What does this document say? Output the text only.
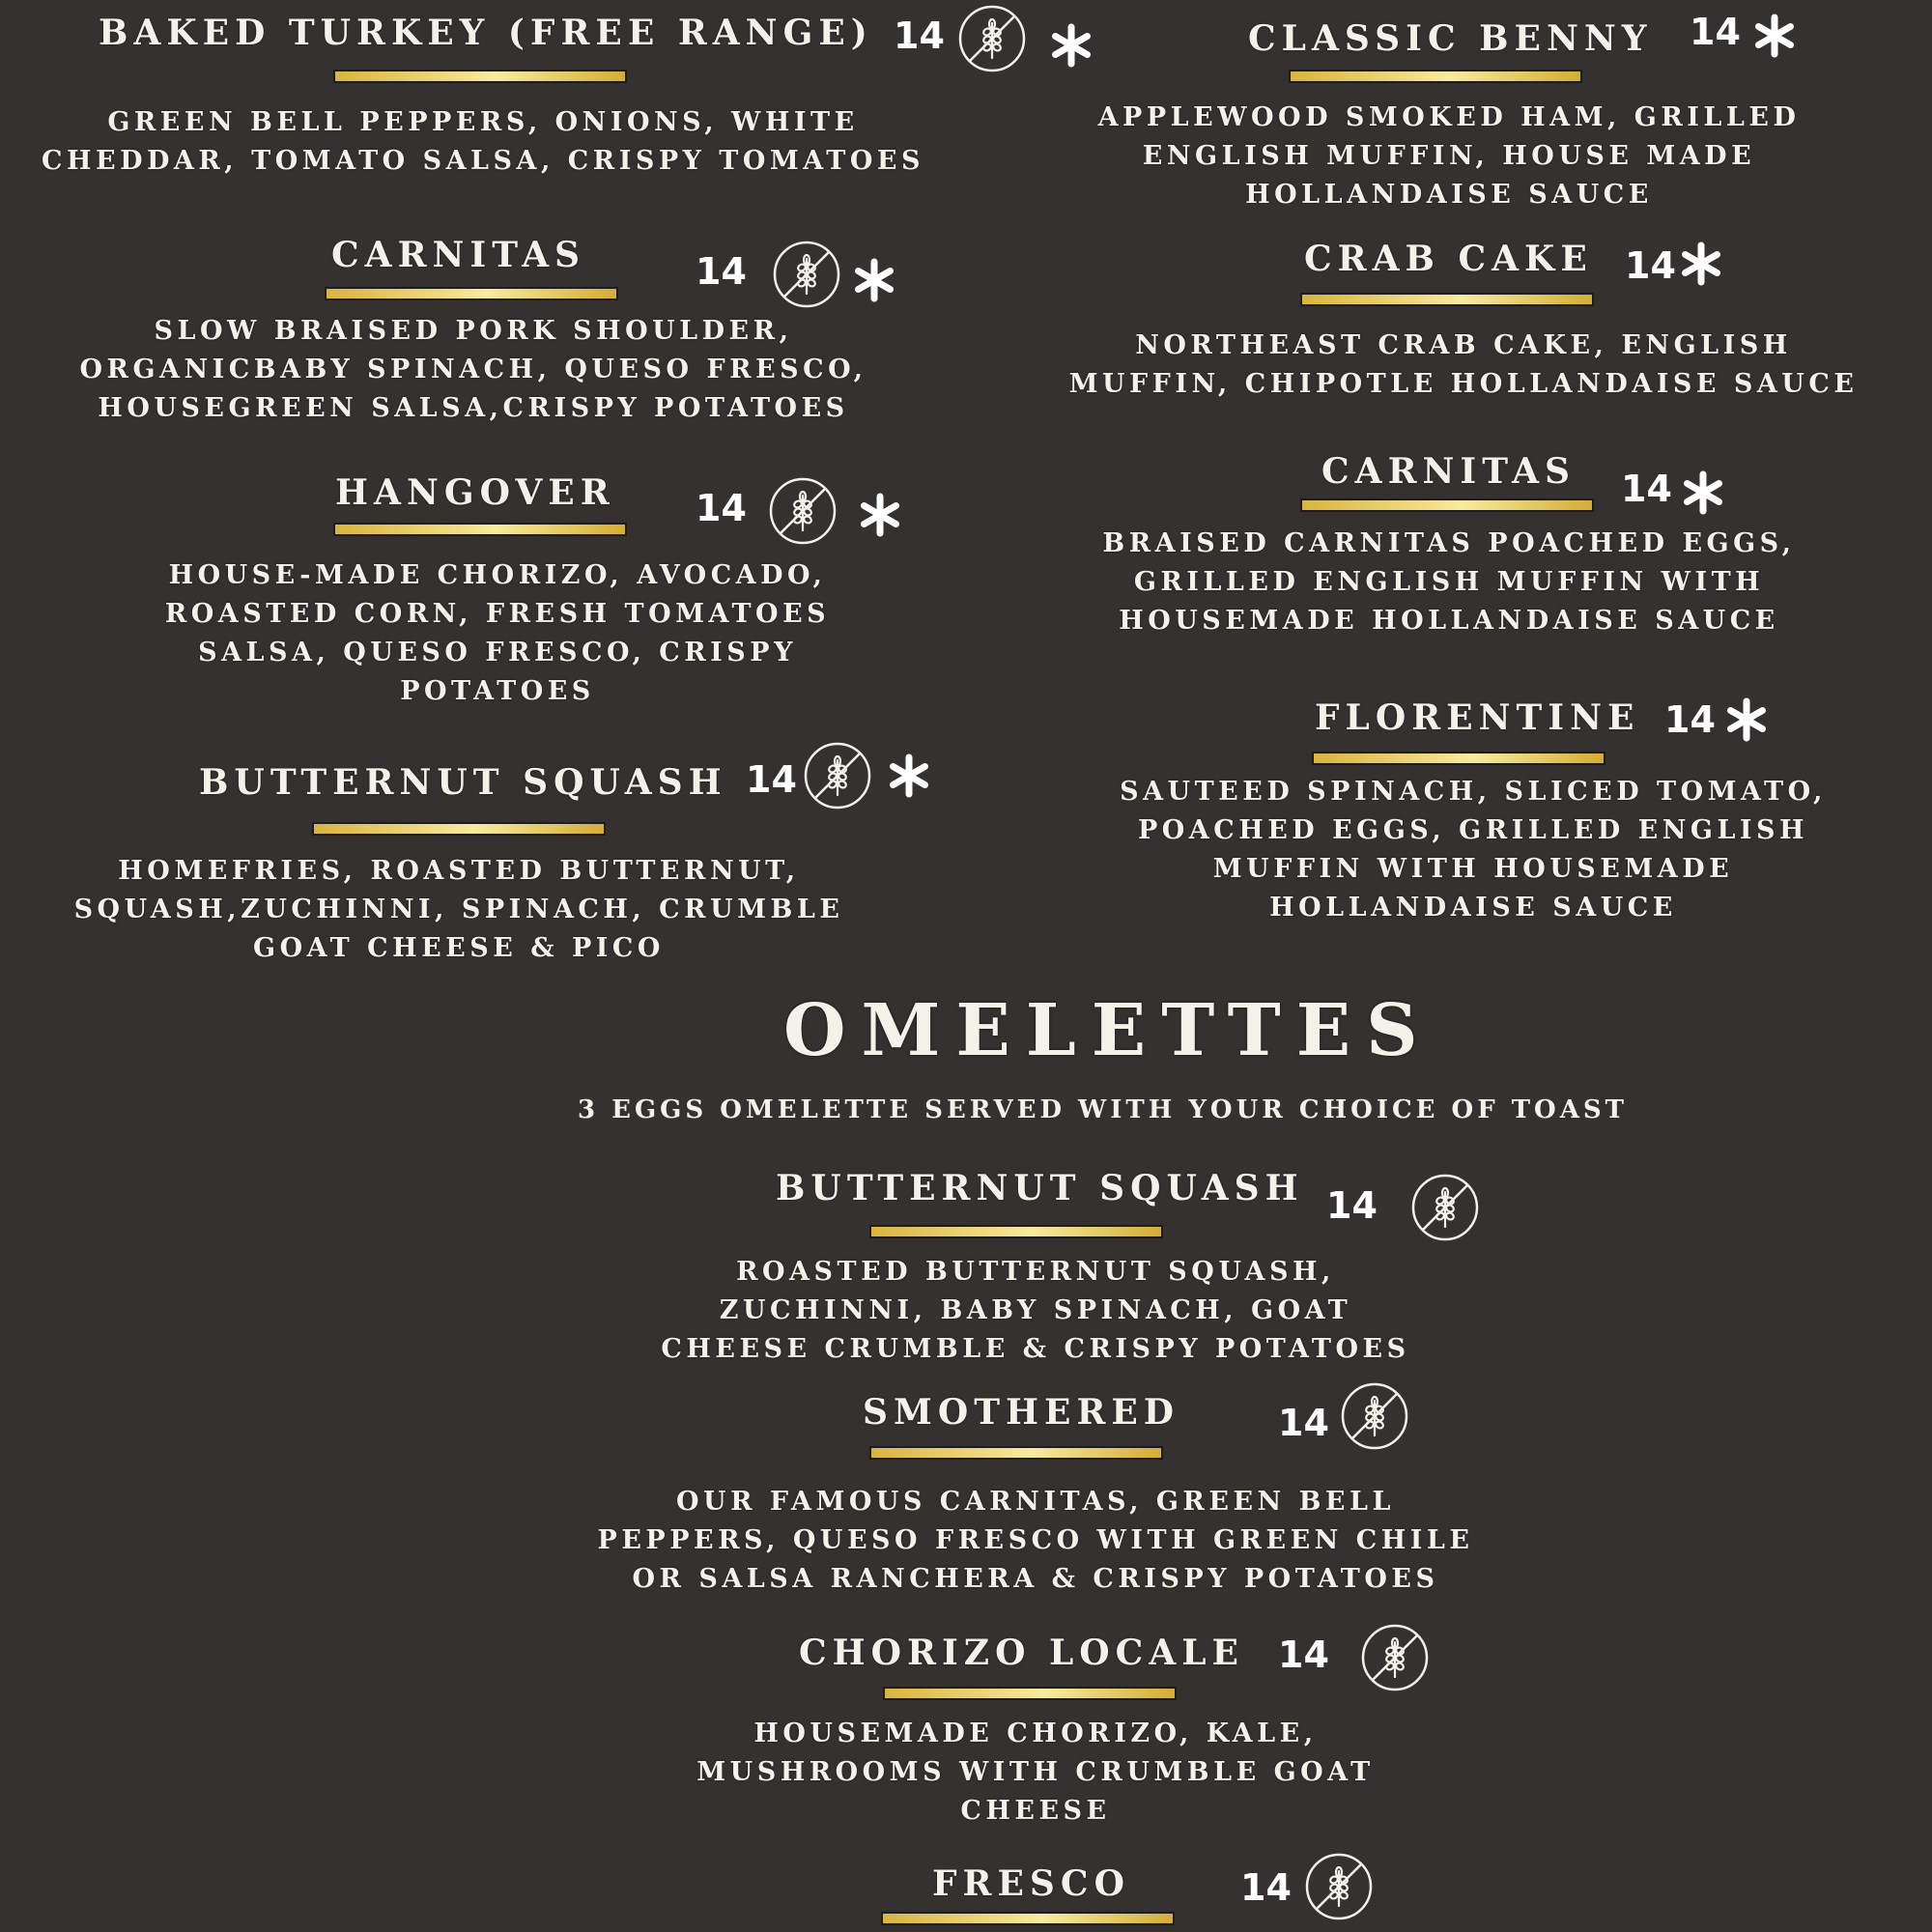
BAKED TURKEY (FREE RANGE) 14
GREEN BELL PEPPERS, ONIONS, WHITE
CHEDDAR, TOMATO SALSA, CRISPY TOMATOES
CARNITAS	14
SLOW BRAISED PORK SHOULDER,
ORGANICBABY SPINACH, QUESO FRESCO,
HOUSEGREEN SALSA,CRISPY POTATOES
HANGOVER 14
HOUSE-MADE CHORIZO, AVOCADO,
ROASTED CORN, FRESH TOMATOES
SALSA, QUESO FRESCO, CRISPY
POTATOES
BUTTERNUT SQUASH 14
HOMEFRIES, ROASTED BUTTERNUT,
SQUASH,ZUCHINNI, SPINACH, CRUMBLE
GOAT CHEESE & PICO
CLASSIC BENNY 14
APPLEWOOD SMOKED HAM, GRILLED
ENGLISH MUFFIN, HOUSE MADE
HOLLANDAISE SAUCE
CRAB CAKE 14
NORTHEAST CRAB CAKE, ENGLISH
MUFFIN, CHIPOTLE HOLLANDAISE SAUCE
CARNITAS 14
BRAISED CARNITAS POACHED EGGS,
GRILLED ENGLISH MUFFIN WITH
HOUSEMADE HOLLANDAISE SAUCE
FLORENTINE 14
SAUTEED SPINACH, SLICED TOMATO,
POACHED EGGS, GRILLED ENGLISH
MUFFIN WITH HOUSEMADE
HOLLANDAISE SAUCE
OMELETTES
3 EGGS OMELETTE SERVED WITH YOUR CHOICE OF TOAST
BUTTERNUT SQUASH 14
ROASTED BUTTERNUT SQUASH,
ZUCHINNI, BABY SPINACH, GOAT
CHEESE CRUMBLE & CRISPY POTATOES
SMOTHERED	14
OUR FAMOUS CARNITAS, GREEN BELL
PEPPERS, QUESO FRESCO WITH GREEN CHILE
OR SALSA RANCHERA & CRISPY POTATOES
CHORIZO LOCALE 14
HOUSEMADE CHORIZO, KALE,
MUSHROOMS WITH CRUMBLE GOAT
CHEESE
FRESCO	14
